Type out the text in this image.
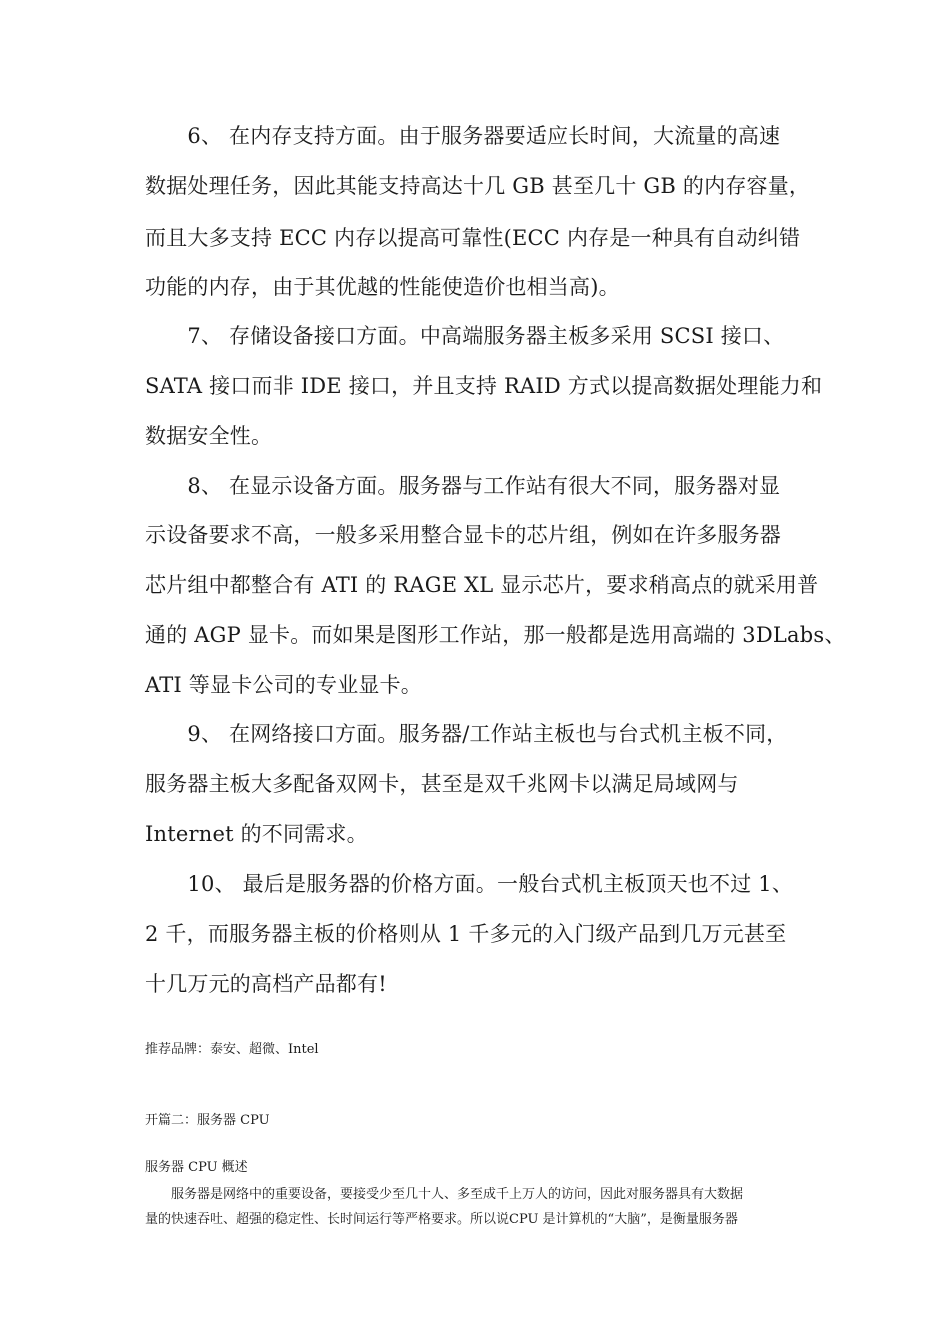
　　6、 在内存支持方面。由于服务器要适应长时间，大流量的高速
数据处理任务，因此其能支持高达十几 GB 甚至几十 GB 的内存容量，
而且大多支持 ECC 内存以提高可靠性(ECC 内存是一种具有自动纠错
功能的内存，由于其优越的性能使造价也相当高)。
　　7、 存储设备接口方面。中高端服务器主板多采用 SCSI 接口、
SATA 接口而非 IDE 接口，并且支持 RAID 方式以提高数据处理能力和
数据安全性。
　　8、 在显示设备方面。服务器与工作站有很大不同，服务器对显
示设备要求不高，一般多采用整合显卡的芯片组，例如在许多服务器
芯片组中都整合有 ATI 的 RAGE XL 显示芯片，要求稍高点的就采用普
通的 AGP 显卡。而如果是图形工作站，那一般都是选用高端的 3DLabs、
ATI 等显卡公司的专业显卡。
　　9、 在网络接口方面。服务器/工作站主板也与台式机主板不同，
服务器主板大多配备双网卡，甚至是双千兆网卡以满足局域网与
Internet 的不同需求。
　　10、 最后是服务器的价格方面。一般台式机主板顶天也不过 1、
2 千，而服务器主板的价格则从 1 千多元的入门级产品到几万元甚至
十几万元的高档产品都有!
推荐品牌：泰安、超微、Intel
开篇二：服务器 CPU
服务器 CPU 概述
　　服务器是网络中的重要设备，要接受少至几十人、多至成千上万人的访问，因此对服务器具有大数据
量的快速吞吐、超强的稳定性、长时间运行等严格要求。所以说CPU 是计算机的“大脑”，是衡量服务器
